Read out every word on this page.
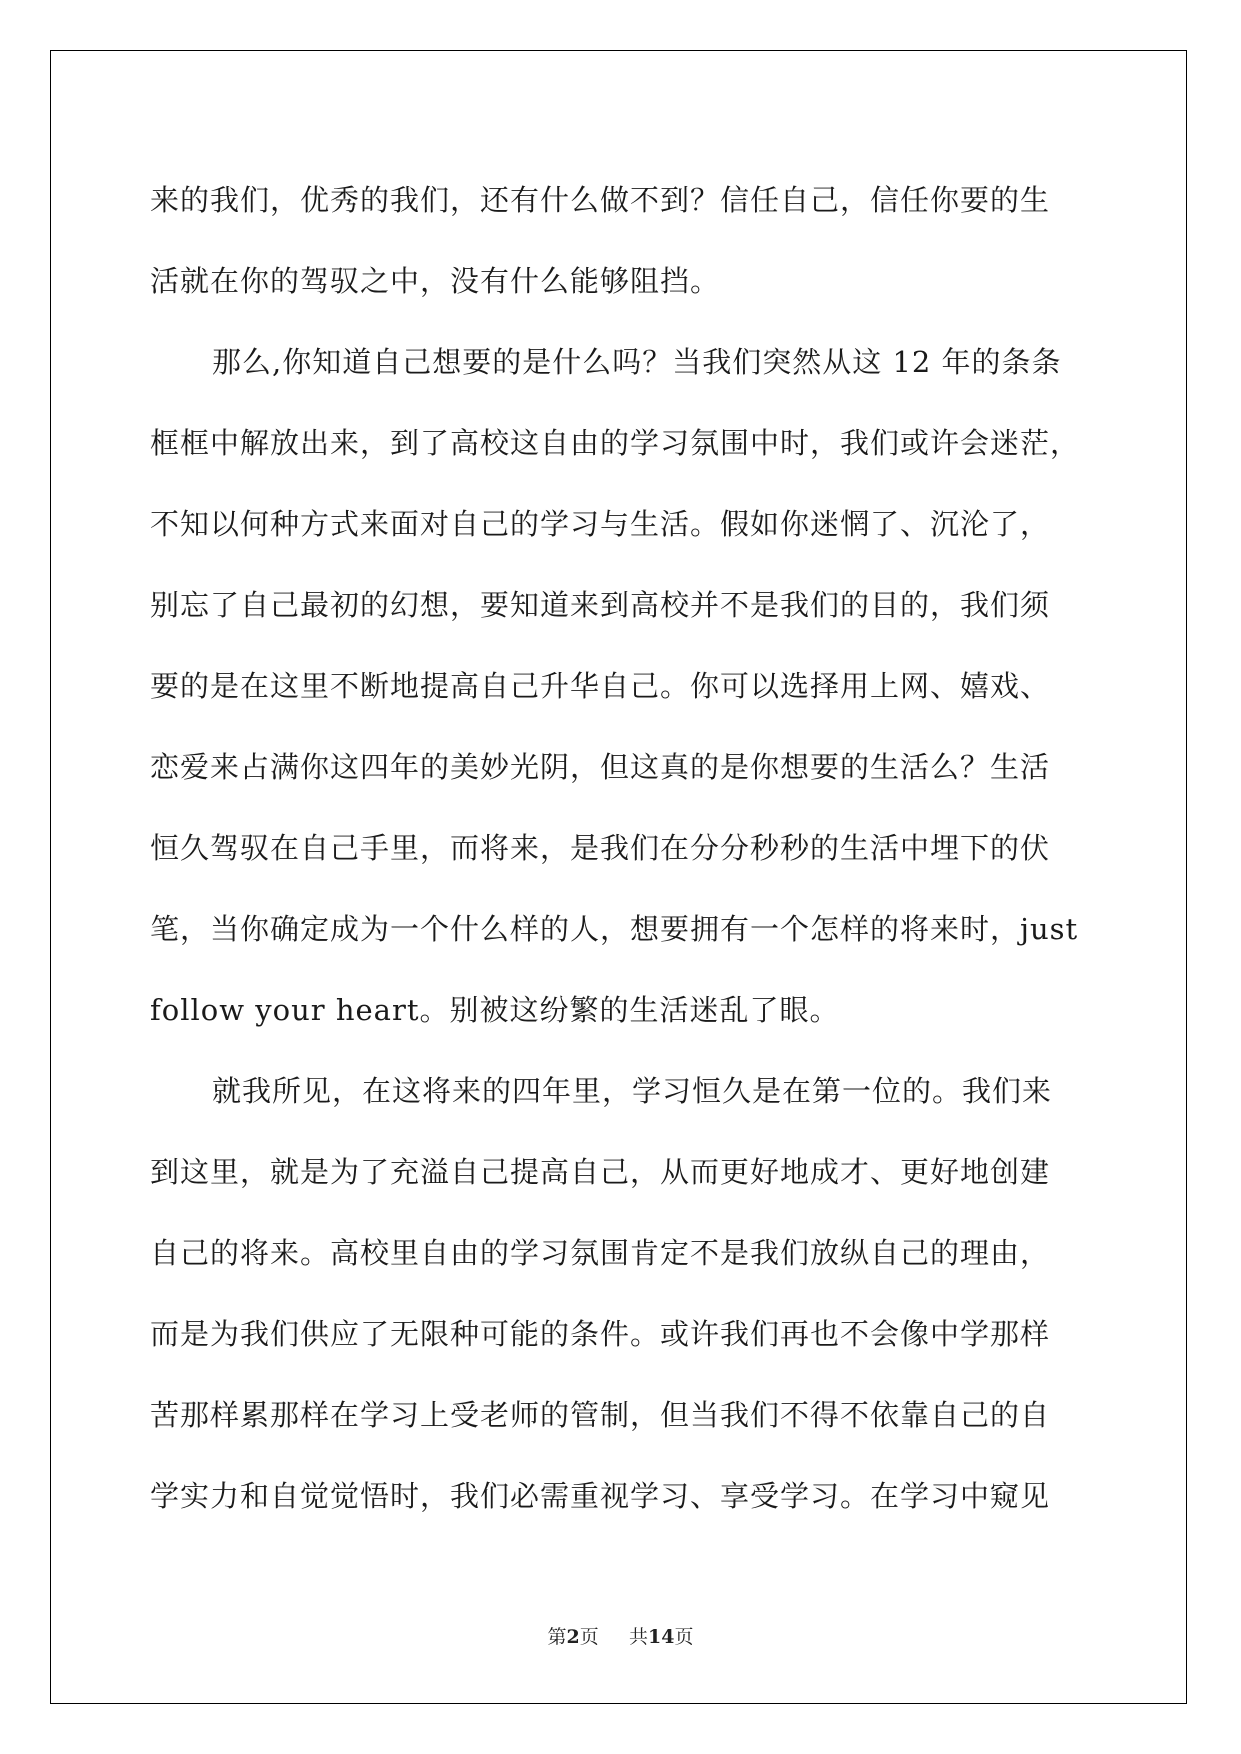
来的我们，优秀的我们，还有什么做不到？信任自己，信任你要的生
活就在你的驾驭之中，没有什么能够阻挡。
那么,你知道自己想要的是什么吗？当我们突然从这 12 年的条条
框框中解放出来，到了高校这自由的学习氛围中时，我们或许会迷茫，
不知以何种方式来面对自己的学习与生活。假如你迷惘了、沉沦了，
别忘了自己最初的幻想，要知道来到高校并不是我们的目的，我们须
要的是在这里不断地提高自己升华自己。你可以选择用上网、嬉戏、
恋爱来占满你这四年的美妙光阴，但这真的是你想要的生活么？生活
恒久驾驭在自己手里，而将来，是我们在分分秒秒的生活中埋下的伏
笔，当你确定成为一个什么样的人，想要拥有一个怎样的将来时，just
follow your heart。别被这纷繁的生活迷乱了眼。
就我所见，在这将来的四年里，学习恒久是在第一位的。我们来
到这里，就是为了充溢自己提高自己，从而更好地成才、更好地创建
自己的将来。高校里自由的学习氛围肯定不是我们放纵自己的理由，
而是为我们供应了无限种可能的条件。或许我们再也不会像中学那样
苦那样累那样在学习上受老师的管制，但当我们不得不依靠自己的自
学实力和自觉觉悟时，我们必需重视学习、享受学习。在学习中窥见
第2页 共14页
